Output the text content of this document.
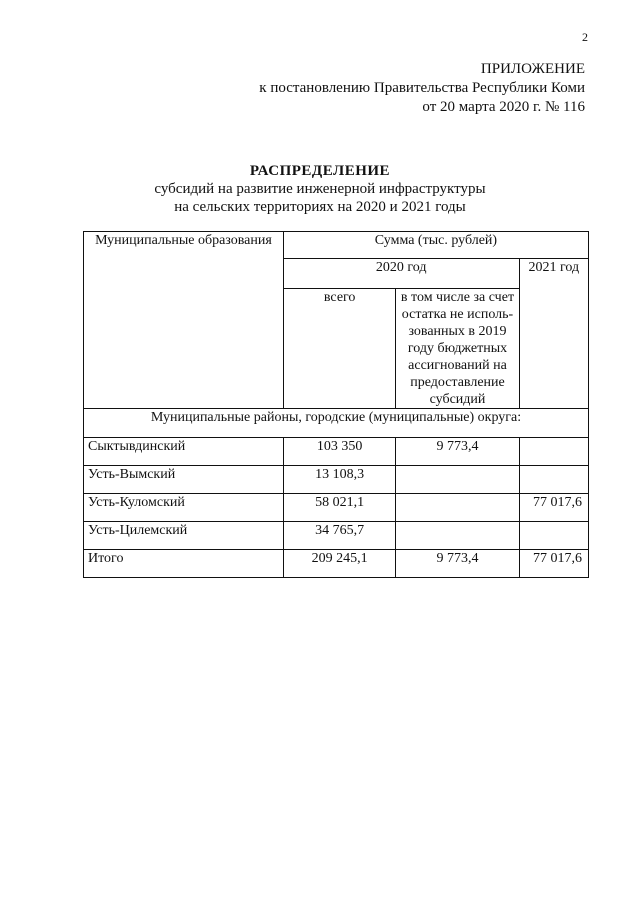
2
ПРИЛОЖЕНИЕ
к постановлению Правительства Республики Коми
от 20 марта 2020 г. № 116
РАСПРЕДЕЛЕНИЕ
субсидий на развитие инженерной инфраструктуры
на сельских территориях на 2020 и 2021 годы
Муниципальные образования	Сумма (тыс. рублей)		
	2020 год		2021 год
	всего	в том числе за счет остатка не исполь-зованных в 2019 году бюджетных ассигнований на предоставление субсидий	
Муниципальные районы, городские (муниципальные) округа:			
Сыктывдинский	103 350	9 773,4	
Усть-Вымский	13 108,3		
Усть-Куломский	58 021,1		77 017,6
Усть-Цилемский	34 765,7		
Итого	209 245,1	9 773,4	77 017,6
